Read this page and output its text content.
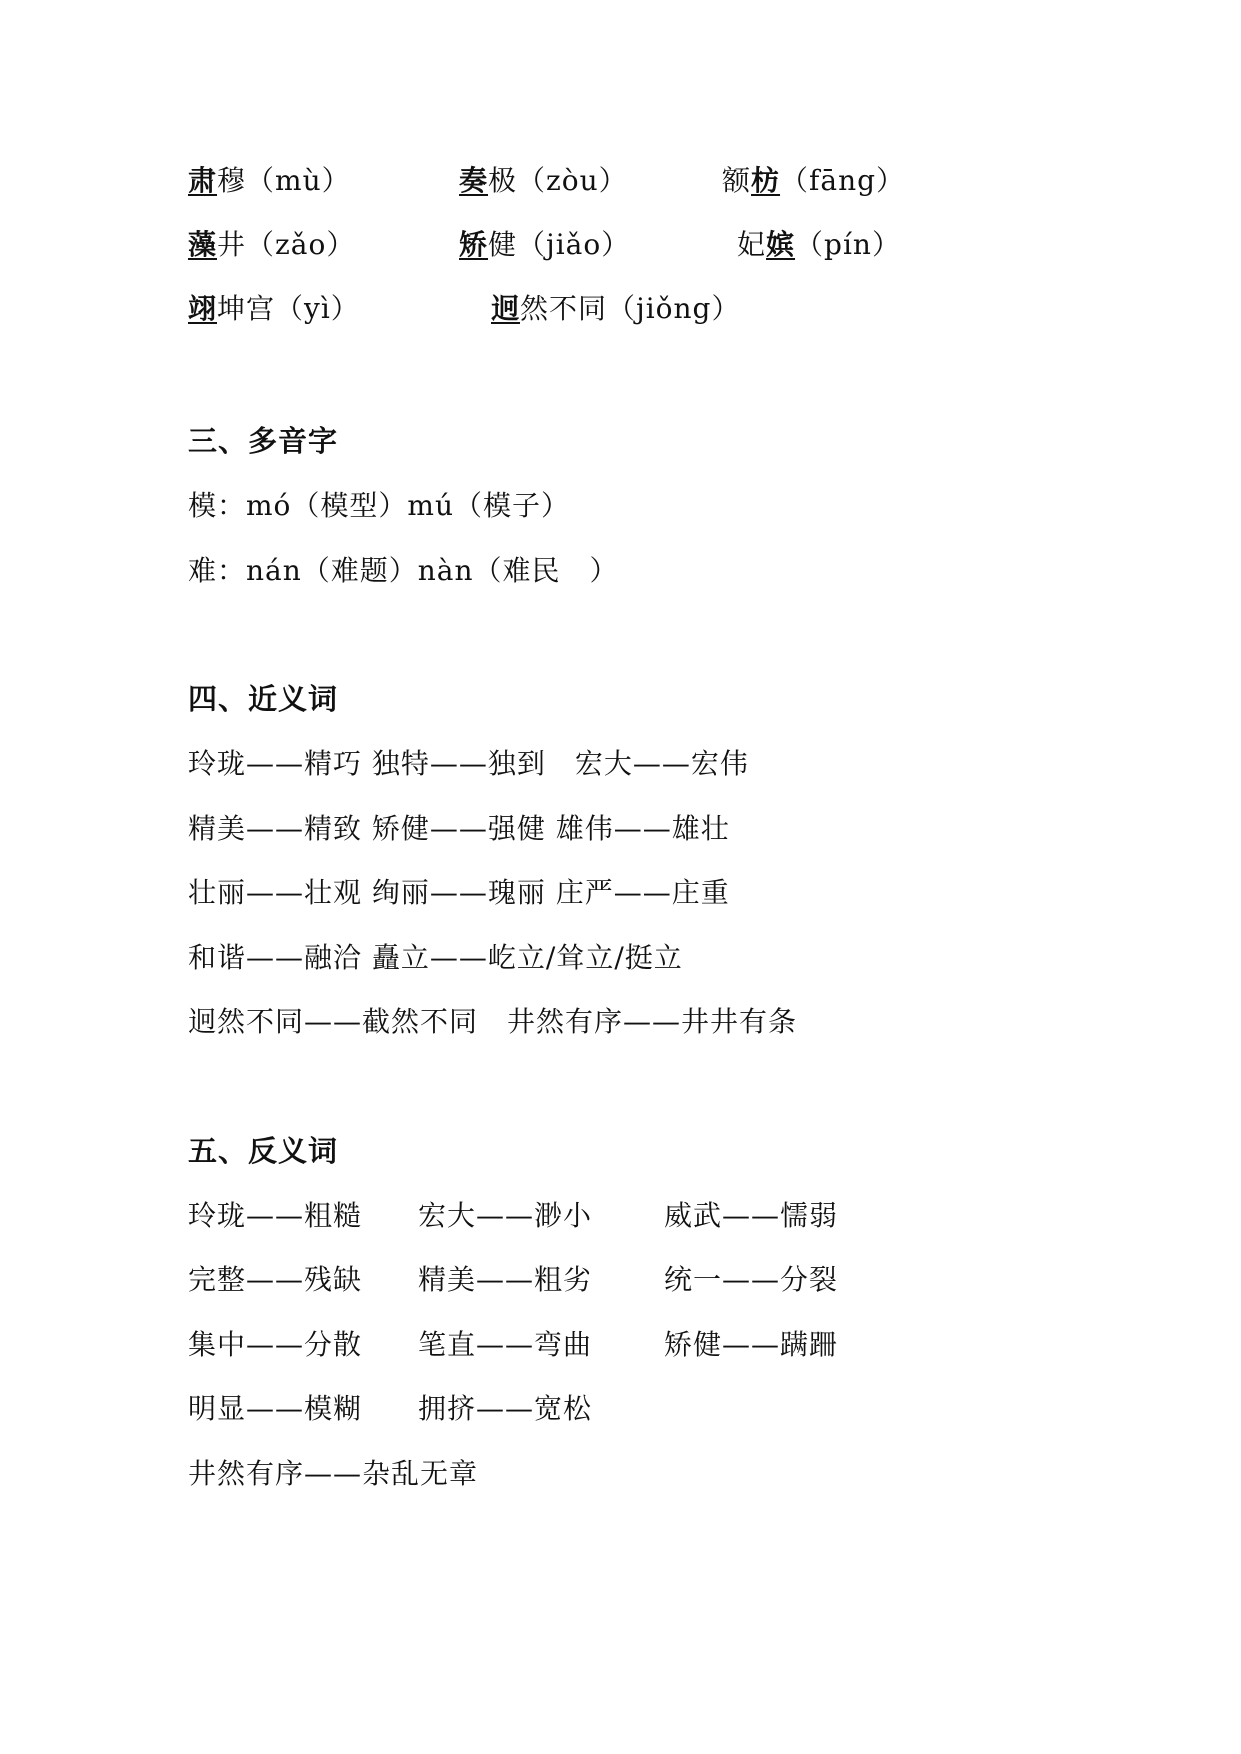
肃穆（mù）	奏极（zòu）	额枋（fāng）
藻井（zǎo）	矫健（jiǎo）	妃嫔（pín）
翊坤宫（yì）	迥然不同（jiǒng）
三、多音字
模：mó（模型）mú（模子）
难：nán（难题）nàn（难民　）
四、近义词
玲珑——精巧 独特——独到　宏大——宏伟
精美——精致 矫健——强健 雄伟——雄壮
壮丽——壮观 绚丽——瑰丽 庄严——庄重
和谐——融洽 矗立——屹立/耸立/挺立
迥然不同——截然不同　井然有序——井井有条
五、反义词
玲珑——粗糙 宏大——渺小	威武——懦弱
完整——残缺 精美——粗劣	统一——分裂
集中——分散 笔直——弯曲	矫健——蹒跚
明显——模糊 拥挤——宽松
井然有序——杂乱无章
